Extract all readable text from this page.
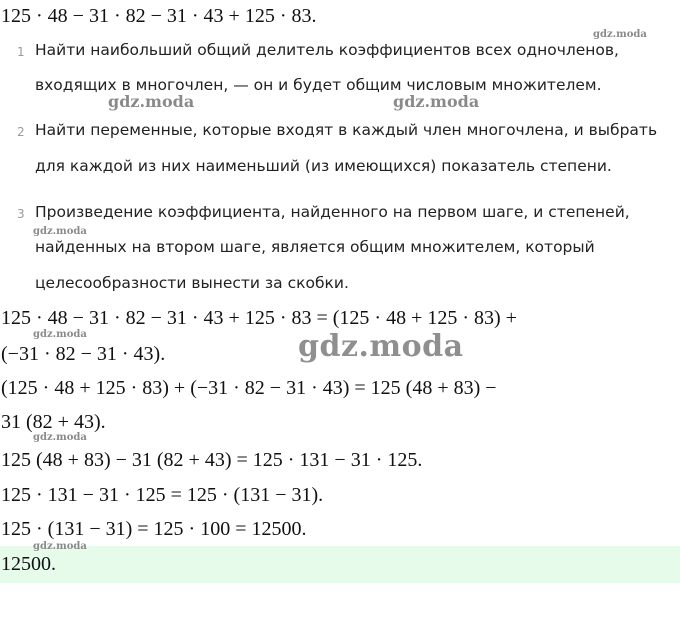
125 · 48 − 31 · 82 − 31 · 43 + 125 · 83.
1 Найти наибольший общий делитель коэффициентов всех одночленов,
входящих в многочлен, — он и будет общим числовым множителем.
2 Найти переменные, которые входят в каждый член многочлена, и выбрать
для каждой из них наименьший (из имеющихся) показатель степени.
3 Произведение коэффициента, найденного на первом шаге, и степеней,
найденных на втором шаге, является общим множителем, который
целесообразности вынести за скобки.
125 · 48 − 31 · 82 − 31 · 43 + 125 · 83 = (125 · 48 + 125 · 83) +
(−31 · 82 − 31 · 43).
(125 · 48 + 125 · 83) + (−31 · 82 − 31 · 43) = 125 (48 + 83) −
31 (82 + 43).
125 (48 + 83) − 31 (82 + 43) = 125 · 131 − 31 · 125.
125 · 131 − 31 · 125 = 125 · (131 − 31).
125 · (131 − 31) = 125 · 100 = 12500.
12500.
gdz.moda
gdz.moda	gdz.moda
gdz.moda
gdz.moda	gdz.moda
gdz.moda
gdz.moda
